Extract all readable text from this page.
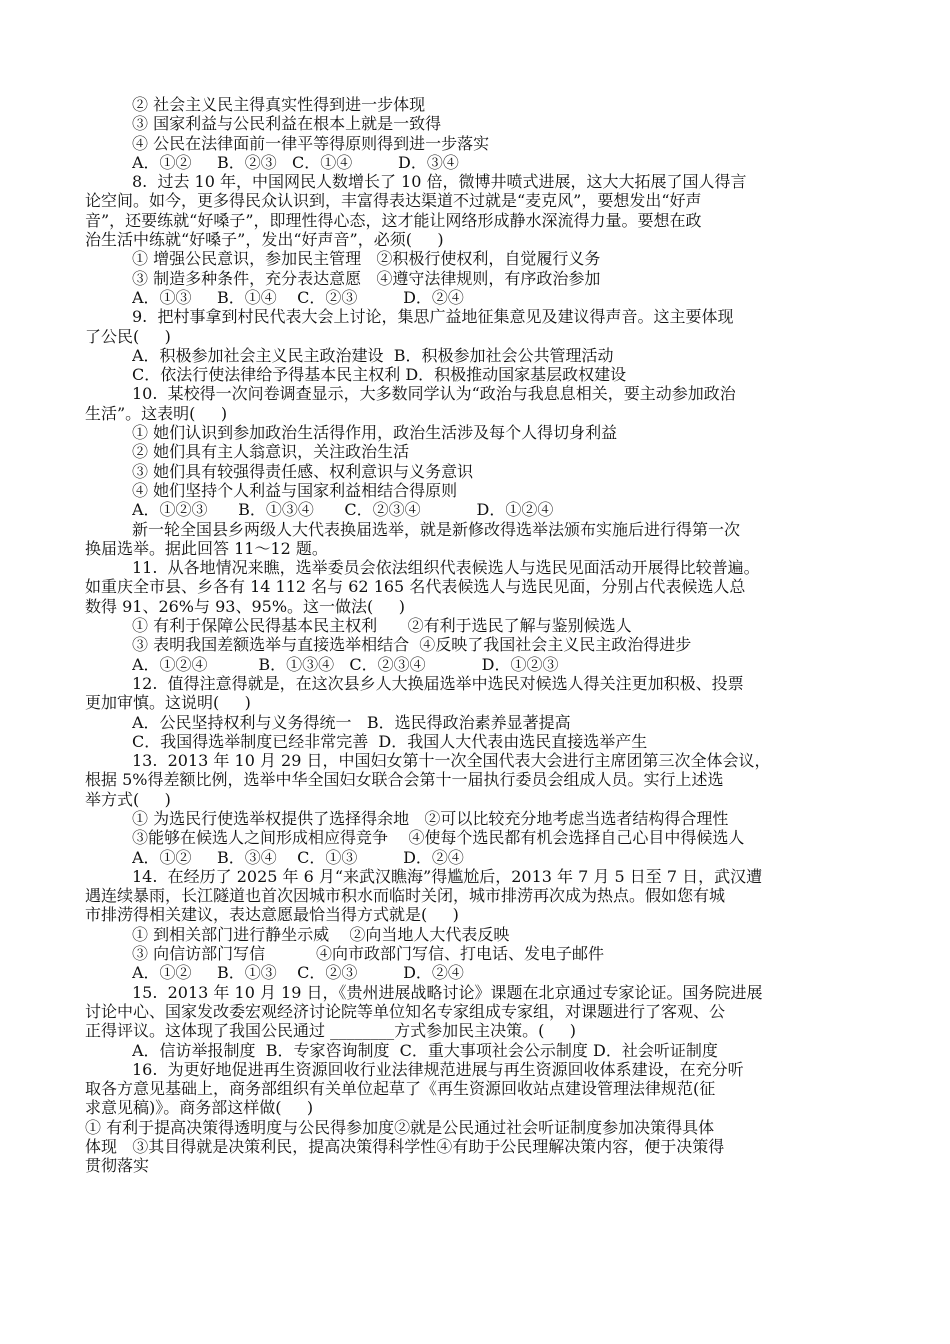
② 社会主义民主得真实性得到进一步体现
③ 国家利益与公民利益在根本上就是一致得
④ 公民在法律面前一律平等得原则得到进一步落实
A．①②     B．②③   C．①④         D．③④
8.  过去 10 年，中国网民人数增长了 10 倍，微博井喷式进展，这大大拓展了国人得言
论空间。如今，更多得民众认识到，丰富得表达渠道不过就是“麦克风”，要想发出“好声
音”，还要练就“好嗓子”，即理性得心态，这才能让网络形成静水深流得力量。要想在政
治生活中练就“好嗓子”，发出“好声音”，必须(     )
① 增强公民意识，参加民主管理   ②积极行使权利，自觉履行义务
③ 制造多种条件，充分表达意愿   ④遵守法律规则，有序政治参加
A．①③     B．①④    C．②③         D．②④
9.  把村事拿到村民代表大会上讨论，集思广益地征集意见及建议得声音。这主要体现
了公民(     )
A．积极参加社会主义民主政治建设  B．积极参加社会公共管理活动
C．依法行使法律给予得基本民主权利 D．积极推动国家基层政权建设
10.  某校得一次问卷调查显示，大多数同学认为“政治与我息息相关，要主动参加政治
生活”。这表明(     )
① 她们认识到参加政治生活得作用，政治生活涉及每个人得切身利益
② 她们具有主人翁意识，关注政治生活
③ 她们具有较强得责任感、权利意识与义务意识
④ 她们坚持个人利益与国家利益相结合得原则
A．①②③      B．①③④      C．②③④           D．①②④
新一轮全国县乡两级人大代表换届选举，就是新修改得选举法颁布实施后进行得第一次
换届选举。据此回答 11～12 题。
11.  从各地情况来瞧，选举委员会依法组织代表候选人与选民见面活动开展得比较普遍。
如重庆全市县、乡各有 14 112 名与 62 165 名代表候选人与选民见面，分别占代表候选人总
数得 91、26%与 93、95%。这一做法(     )
① 有利于保障公民得基本民主权利      ②有利于选民了解与鉴别候选人
③ 表明我国差额选举与直接选举相结合  ④反映了我国社会主义民主政治得进步
A．①②④          B．①③④   C．②③④           D．①②③
12.  值得注意得就是，在这次县乡人大换届选举中选民对候选人得关注更加积极、投票
更加审慎。这说明(     )
A．公民坚持权利与义务得统一   B．选民得政治素养显著提高
C．我国得选举制度已经非常完善  D．我国人大代表由选民直接选举产生
13.  2013 年 10 月 29 日，中国妇女第十一次全国代表大会进行主席团第三次全体会议，
根据 5%得差额比例，选举中华全国妇女联合会第十一届执行委员会组成人员。实行上述选
举方式(     )
① 为选民行使选举权提供了选择得余地   ②可以比较充分地考虑当选者结构得合理性
③能够在候选人之间形成相应得竞争    ④使每个选民都有机会选择自己心目中得候选人
A．①②     B．③④    C．①③         D．②④
14.  在经历了 2025 年 6 月“来武汉瞧海”得尴尬后，2013 年 7 月 5 日至 7 日，武汉遭
遇连续暴雨，长江隧道也首次因城市积水而临时关闭，城市排涝再次成为热点。假如您有城
市排涝得相关建议，表达意愿最恰当得方式就是(     )
① 到相关部门进行静坐示威    ②向当地人大代表反映
③ 向信访部门写信          ④向市政部门写信、打电话、发电子邮件
A．①②     B．①③    C．②③         D．②④
15.  2013 年 10 月 19 日，《贵州进展战略讨论》课题在北京通过专家论证。国务院进展
讨论中心、国家发改委宏观经济讨论院等单位知名专家组成专家组，对课题进行了客观、公
正得评议。这体现了我国公民通过 ________方式参加民主决策。(     )
A．信访举报制度  B．专家咨询制度  C．重大事项社会公示制度 D．社会听证制度
16.  为更好地促进再生资源回收行业法律规范进展与再生资源回收体系建设，在充分听
取各方意见基础上，商务部组织有关单位起草了《再生资源回收站点建设管理法律规范(征
求意见稿)》。商务部这样做(     )
① 有利于提高决策得透明度与公民得参加度②就是公民通过社会听证制度参加决策得具体
体现   ③其目得就是决策利民，提高决策得科学性④有助于公民理解决策内容，便于决策得
贯彻落实
